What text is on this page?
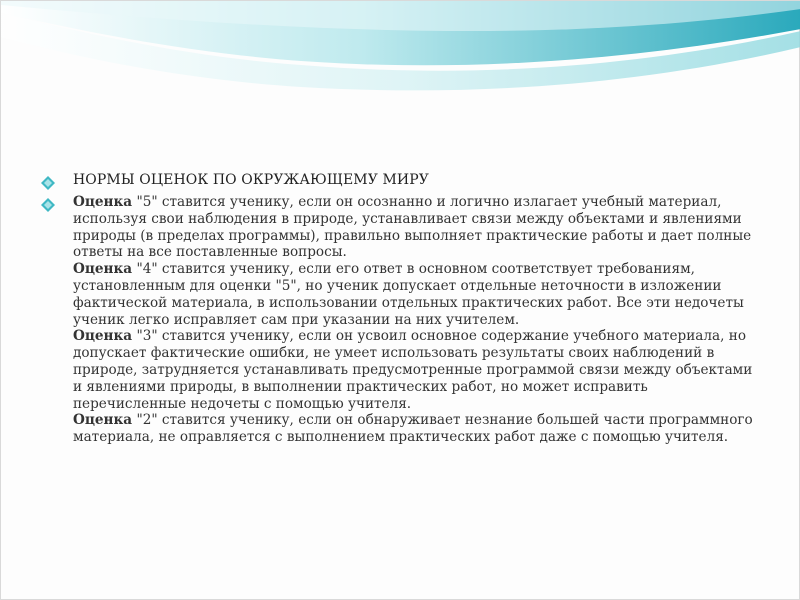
НОРМЫ ОЦЕНОК ПО ОКРУЖАЮЩЕМУ МИРУ

Оценка "5" ставится ученику, если он осознанно и логично излагает учебный материал, используя свои наблюдения в природе, устанавливает связи между объектами и явлениями природы (в пределах программы), правильно выполняет практические работы и дает полные ответы на все поставленные вопросы.

Оценка "4" ставится ученику, если его ответ в основном соответствует требованиям, установленным для оценки "5", но ученик допускает отдельные неточности в изложении фактической материала, в использовании отдельных практических работ. Все эти недочеты ученик легко исправляет сам при указании на них учителем.

Оценка "3" ставится ученику, если он усвоил основное содержание учебного материала, но допускает фактические ошибки, не умеет использовать результаты своих наблюдений в природе, затрудняется устанавливать предусмотренные программой связи между объектами и явлениями природы, в выполнении практических работ, но может исправить перечисленные недочеты с помощью учителя.

Оценка "2" ставится ученику, если он обнаруживает незнание большей части программного материала, не оправляется с выполнением практических работ даже с помощью учителя.
